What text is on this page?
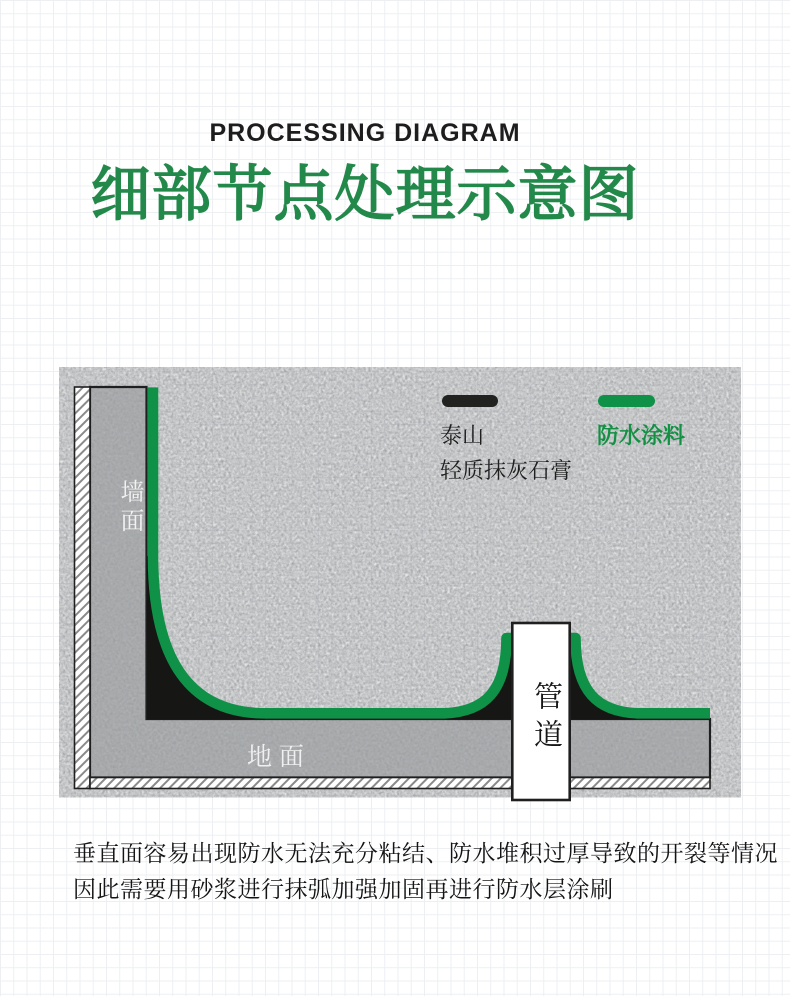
PROCESSING DIAGRAM
细部节点处理示意图
墙面
地面	管道
泰山
轻质抹灰石膏
防水涂料
垂直面容易出现防水无法充分粘结、防水堆积过厚导致的开裂等情况
因此需要用砂浆进行抹弧加强加固再进行防水层涂刷
